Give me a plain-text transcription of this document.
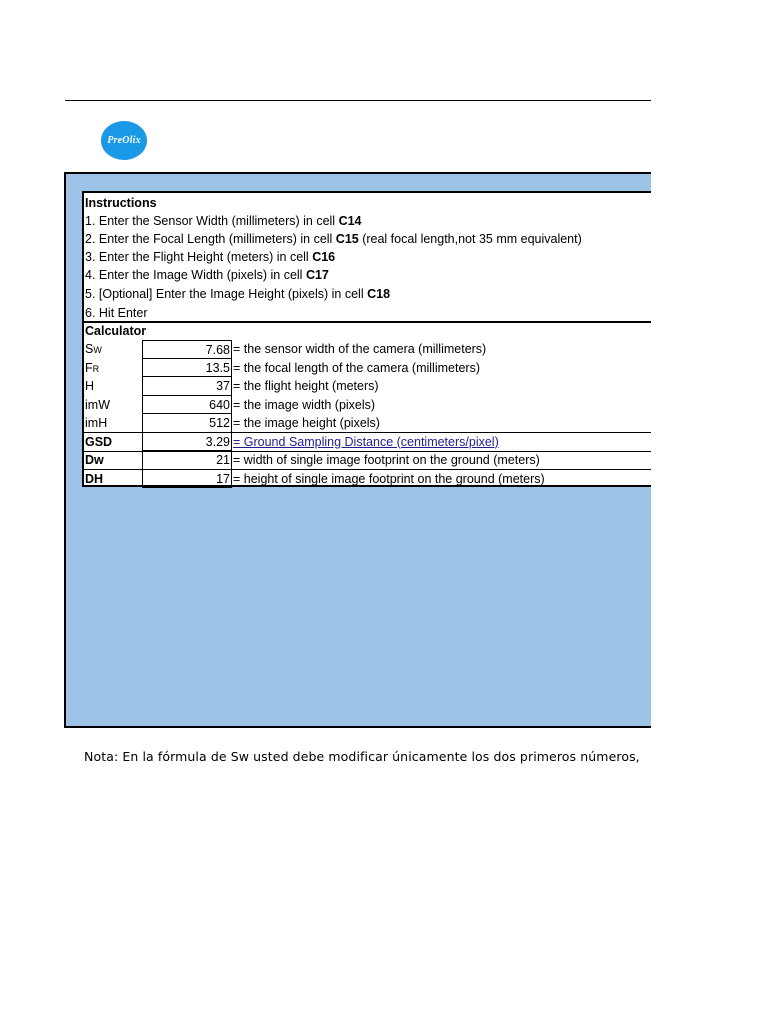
PreOlix
Instructions
1. Enter the Sensor Width (millimeters) in cell C14
2. Enter the Focal Length (millimeters) in cell C15 (real focal length,not 35 mm equivalent)
3. Enter the Flight Height (meters) in cell C16
4. Enter the Image Width (pixels) in cell C17
5. [Optional] Enter the Image Height (pixels) in cell C18
6. Hit Enter
Calculator
SW	7.68 = the sensor width of the camera (millimeters)
FR	13.5 = the focal length of the camera (millimeters)
H	37 = the flight height (meters)
imW	640 = the image width (pixels)
imH	512 = the image height (pixels)
GSD	3.29 = Ground Sampling Distance (centimeters/pixel)
Dw	21 = width of single image footprint on the ground (meters)
DH	17 = height of single image footprint on the ground (meters)
Nota: En la fórmula de Sw usted debe modificar únicamente los dos primeros números,
